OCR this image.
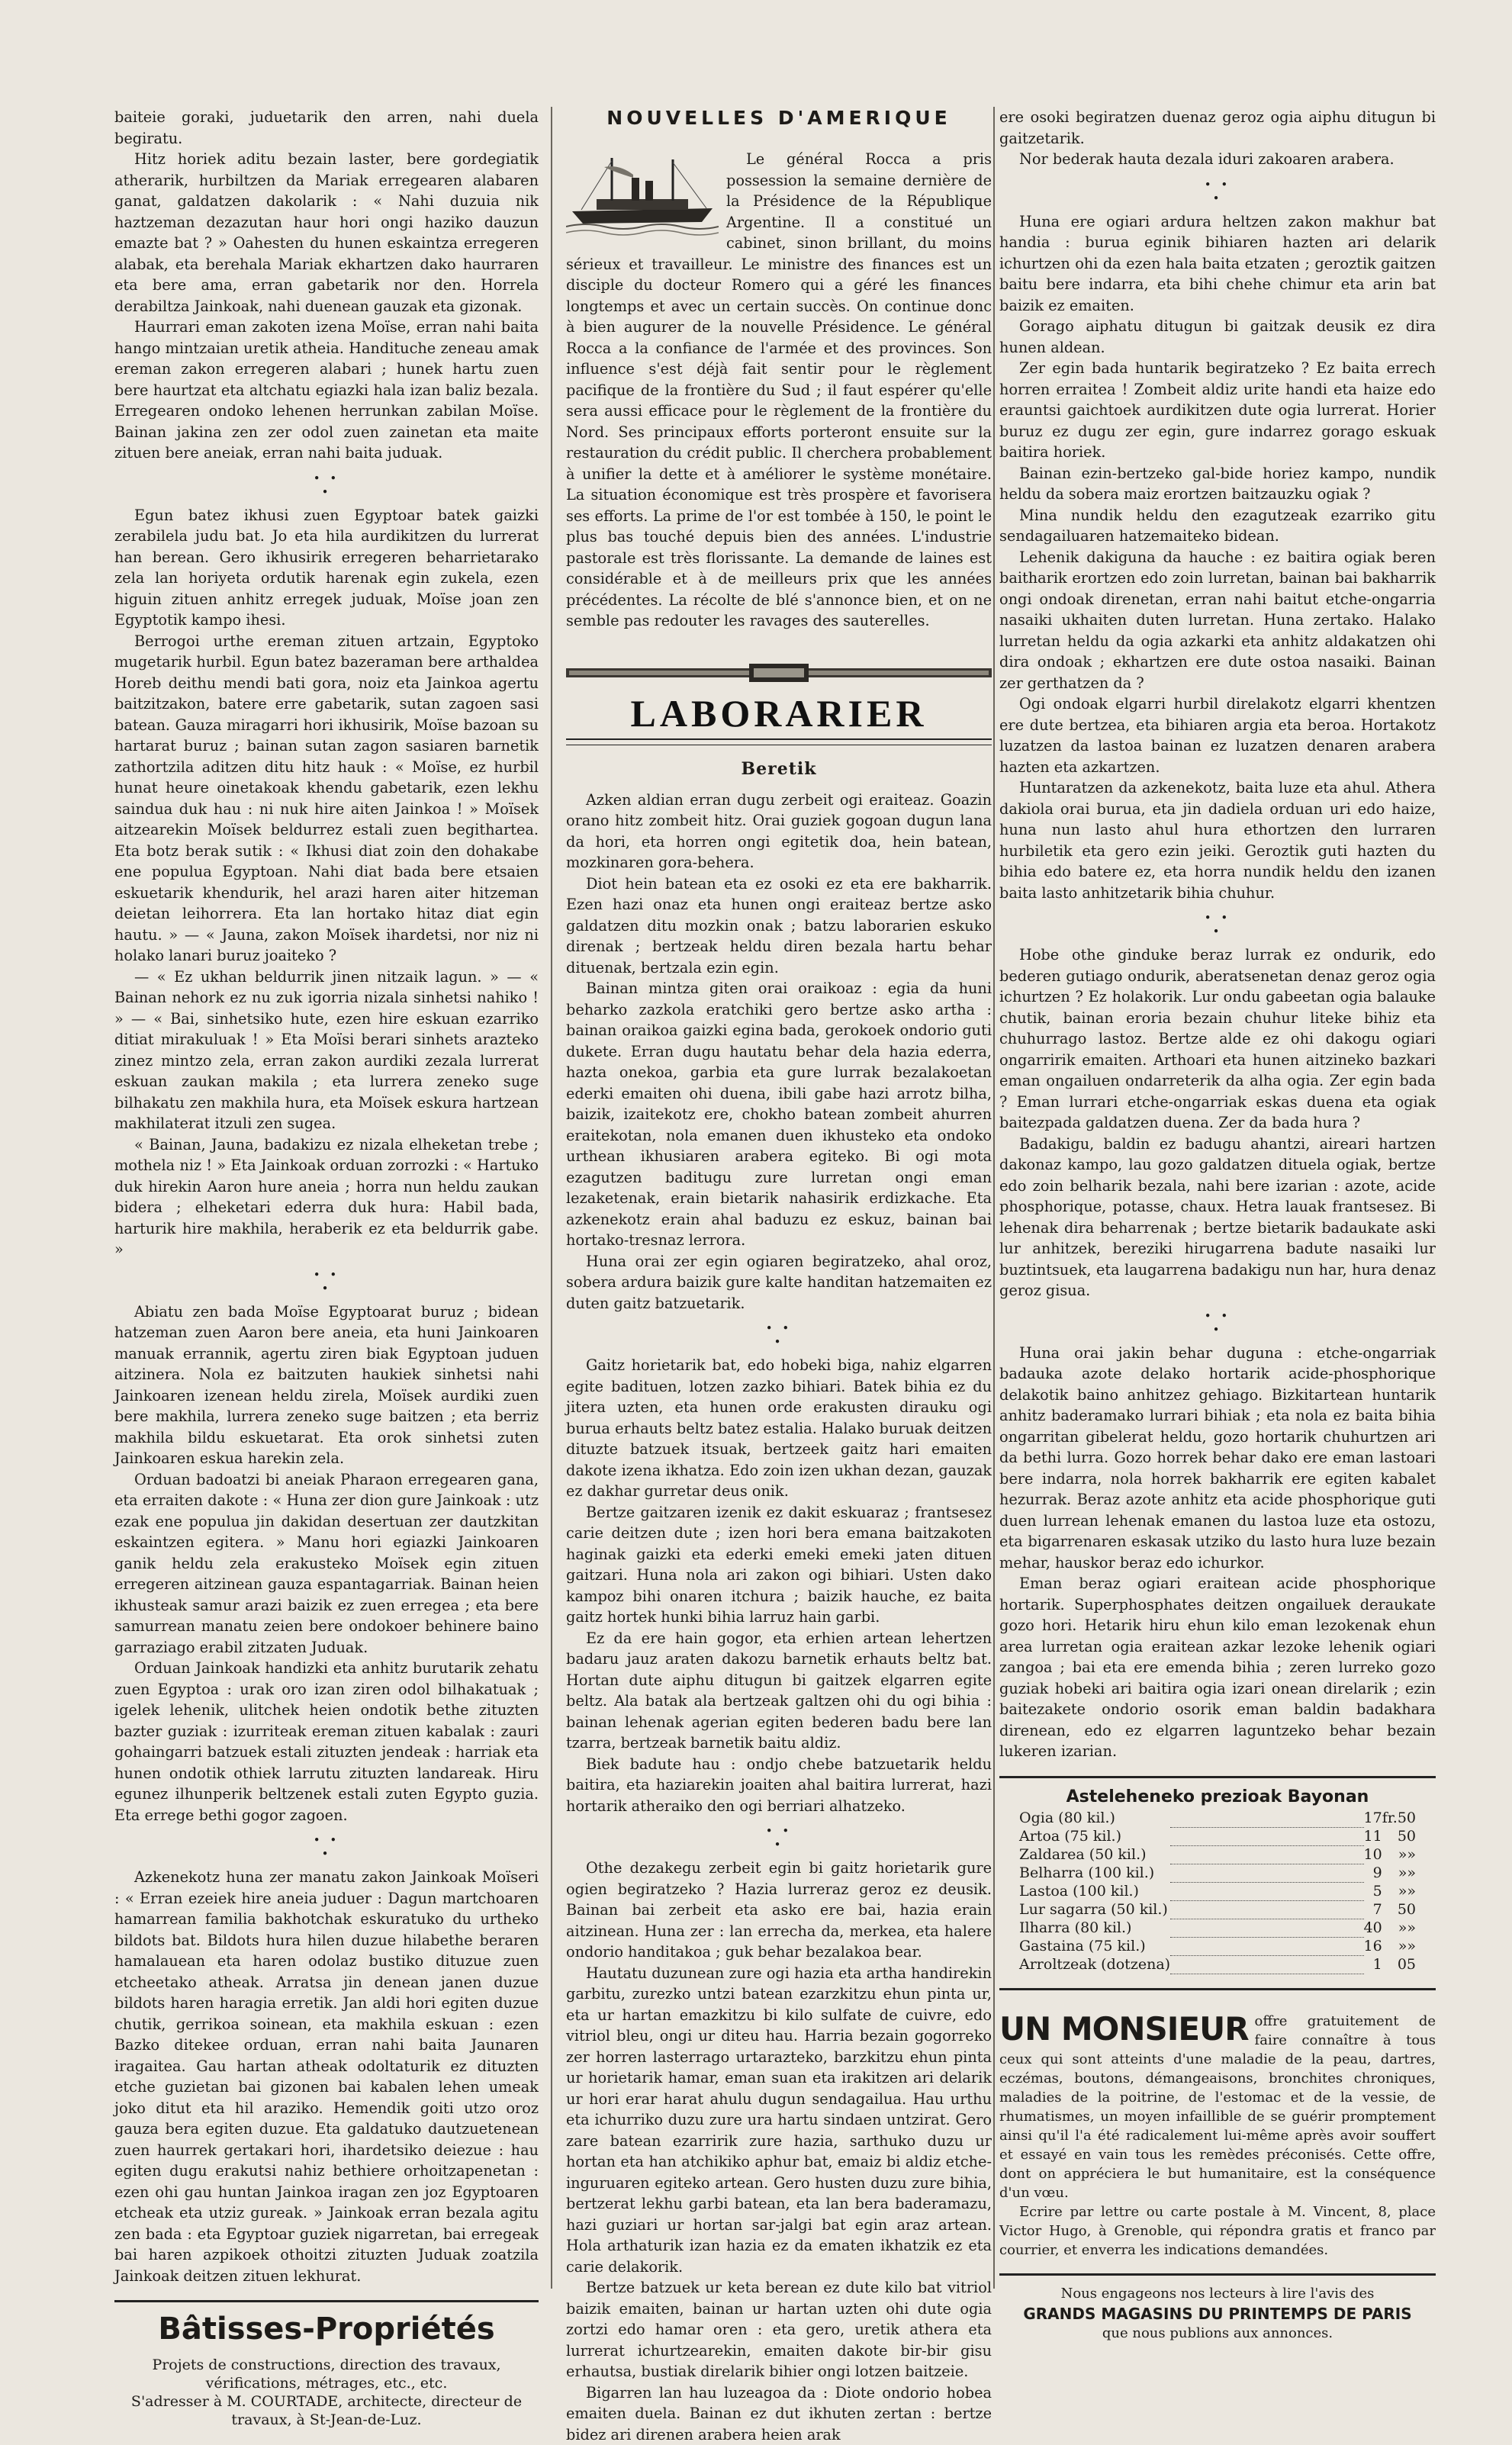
baiteie goraki, juduetarik den arren, nahi duela begiratu.

Hitz horiek aditu bezain laster, bere gordegiatik atherarik, hurbiltzen da Mariak erregearen alabaren ganat, galdatzen dakolarik : « Nahi duzuia nik haztzeman dezazutan haur hori ongi haziko dauzun emazte bat ? » Oahesten du hunen eskaintza erregeren alabak, eta berehala Mariak ekhartzen dako haurraren eta bere ama, erran gabetarik nor den. Horrela derabiltza Jainkoak, nahi duenean gauzak eta gizonak.

Haurrari eman zakoten izena Moïse, erran nahi baita hango mintzaian uretik atheia. Handituche zeneau amak ereman zakon erregeren alabari ; hunek hartu zuen bere haurtzat eta altchatu egiazki hala izan baliz bezala. Erregearen ondoko lehenen herrunkan zabilan Moïse. Bainan jakina zen zer odol zuen zainetan eta maite zituen bere aneiak, erran nahi baita juduak.

• •
•

Egun batez ikhusi zuen Egyptoar batek gaizki zerabilela judu bat. Jo eta hila aurdikitzen du lurrerat han berean. Gero ikhusirik erregeren beharrietarako zela lan horiyeta ordutik harenak egin zukela, ezen higuin zituen anhitz erregek juduak, Moïse joan zen Egyptotik kampo ihesi.

Berrogoi urthe ereman zituen artzain, Egyptoko mugetarik hurbil. Egun batez bazeraman bere arthaldea Horeb deithu mendi bati gora, noiz eta Jainkoa agertu baitzitzakon, batere erre gabetarik, sutan zagoen sasi batean. Gauza miragarri hori ikhusirik, Moïse bazoan su hartarat buruz ; bainan sutan zagon sasiaren barnetik zathortzila aditzen ditu hitz hauk : « Moïse, ez hurbil hunat heure oinetakoak khendu gabetarik, ezen lekhu saindua duk hau : ni nuk hire aiten Jainkoa ! » Moïsek aitzearekin Moïsek beldurrez estali zuen begithartea. Eta botz berak sutik : « Ikhusi diat zoin den dohakabe ene populua Egyptoan. Nahi diat bada bere etsaien eskuetarik khendurik, hel arazi haren aiter hitzeman deietan leihorrera. Eta lan hortako hitaz diat egin hautu. » — « Jauna, zakon Moïsek ihardetsi, nor niz ni holako lanari buruz joaiteko ?

— « Ez ukhan beldurrik jinen nitzaik lagun. » — « Bainan nehork ez nu zuk igorria nizala sinhetsi nahiko ! » — « Bai, sinhetsiko hute, ezen hire eskuan ezarriko ditiat mirakuluak ! » Eta Moïsi berari sinhets arazteko zinez mintzo zela, erran zakon aurdiki zezala lurrerat eskuan zaukan makila ; eta lurrera zeneko suge bilhakatu zen makhila hura, eta Moïsek eskura hartzean makhilaterat itzuli zen sugea.

« Bainan, Jauna, badakizu ez nizala elheketan trebe ; mothela niz ! » Eta Jainkoak orduan zorrozki : « Hartuko duk hirekin Aaron hure aneia ; horra nun heldu zaukan bidera ; elheketari ederra duk hura: Habil bada, harturik hire makhila, heraberik ez eta beldurrik gabe. »

• •
•

Abiatu zen bada Moïse Egyptoarat buruz ; bidean hatzeman zuen Aaron bere aneia, eta huni Jainkoaren manuak errannik, agertu ziren biak Egyptoan juduen aitzinera. Nola ez baitzuten haukiek sinhetsi nahi Jainkoaren izenean heldu zirela, Moïsek aurdiki zuen bere makhila, lurrera zeneko suge baitzen ; eta berriz makhila bildu eskuetarat. Eta orok sinhetsi zuten Jainkoaren eskua harekin zela.

Orduan badoatzi bi aneiak Pharaon erregearen gana, eta erraiten dakote : « Huna zer dion gure Jainkoak : utz ezak ene populua jin dakidan desertuan zer dautzkitan eskaintzen egitera. » Manu hori egiazki Jainkoaren ganik heldu zela erakusteko Moïsek egin zituen erregeren aitzinean gauza espantagarriak. Bainan heien ikhusteak samur arazi baizik ez zuen erregea ; eta bere samurrean manatu zeien bere ondokoer behinere baino garraziago erabil zitzaten Juduak.

Orduan Jainkoak handizki eta anhitz burutarik zehatu zuen Egyptoa : urak oro izan ziren odol bilhakatuak ; igelek lehenik, ulitchek heien ondotik bethe zituzten bazter guziak : izurriteak ereman zituen kabalak : zauri gohaingarri batzuek estali zituzten jendeak : harriak eta hunen ondotik othiek larrutu zituzten landareak. Hiru egunez ilhunperik beltzenek estali zuten Egypto guzia. Eta errege bethi gogor zagoen.

• •
•

Azkenekotz huna zer manatu zakon Jainkoak Moïseri : « Erran ezeiek hire aneia juduer : Dagun martchoaren hamarrean familia bakhotchak eskuratuko du urtheko bildots bat. Bildots hura hilen duzue hilabethe beraren hamalauean eta haren odolaz bustiko dituzue zuen etcheetako atheak. Arratsa jin denean janen duzue bildots haren haragia erretik. Jan aldi hori egiten duzue chutik, gerrikoa soinean, eta makhila eskuan : ezen Bazko ditekee orduan, erran nahi baita Jaunaren iragaitea. Gau hartan atheak odoltaturik ez dituzten etche guzietan bai gizonen bai kabalen lehen umeak joko ditut eta hil araziko. Hemendik goiti utzo oroz gauza bera egiten duzue. Eta galdatuko dautzuetenean zuen haurrek gertakari hori, ihardetsiko deiezue : hau egiten dugu erakutsi nahiz bethiere orhoitzapenetan : ezen ohi gau huntan Jainkoa iragan zen joz Egyptoaren etcheak eta utziz gureak. » Jainkoak erran bezala agitu zen bada : eta Egyptoar guziek nigarretan, bai erregeak bai haren azpikoek othoitzi zituzten Juduak zoatzila Jainkoak deitzen zituen lekhurat.

Bâtisses-Propriétés

Projets de constructions, direction des travaux, vérifications, métrages, etc., etc.

S'adresser à M. COURTADE, architecte, directeur de travaux, à St-Jean-de-Luz.

NOUVELLES D'AMERIQUE

Le général Rocca a pris possession la semaine dernière de la Présidence de la République Argentine. Il a constitué un cabinet, sinon brillant, du moins sérieux et travailleur. Le ministre des finances est un disciple du docteur Romero qui a géré les finances longtemps et avec un certain succès. On continue donc à bien augurer de la nouvelle Présidence. Le général Rocca a la confiance de l'armée et des provinces. Son influence s'est déjà fait sentir pour le règlement pacifique de la frontière du Sud ; il faut espérer qu'elle sera aussi efficace pour le règlement de la frontière du Nord. Ses principaux efforts porteront ensuite sur la restauration du crédit public. Il cherchera probablement à unifier la dette et à améliorer le système monétaire. La situation économique est très prospère et favorisera ses efforts. La prime de l'or est tombée à 150, le point le plus bas touché depuis bien des années. L'industrie pastorale est très florissante. La demande de laines est considérable et à de meilleurs prix que les années précédentes. La récolte de blé s'annonce bien, et on ne semble pas redouter les ravages des sauterelles.

LABORARIER
Beretik

Azken aldian erran dugu zerbeit ogi eraiteaz. Goazin orano hitz zombeit hitz. Orai guziek gogoan dugun lana da hori, eta horren ongi egitetik doa, hein batean, mozkinaren gora-behera.

Diot hein batean eta ez osoki ez eta ere bakharrik. Ezen hazi onaz eta hunen ongi eraiteaz bertze asko galdatzen ditu mozkin onak ; batzu laborarien eskuko direnak ; bertzeak heldu diren bezala hartu behar dituenak, bertzala ezin egin.

Bainan mintza giten orai oraikoaz : egia da huni beharko zazkola eratchiki gero bertze asko artha : bainan oraikoa gaizki egina bada, gerokoek ondorio guti dukete. Erran dugu hautatu behar dela hazia ederra, hazta onekoa, garbia eta gure lurrak bezalakoetan ederki emaiten ohi duena, ibili gabe hazi arrotz bilha, baizik, izaitekotz ere, chokho batean zombeit ahurren eraitekotan, nola emanen duen ikhusteko eta ondoko urthean ikhusiaren arabera egiteko. Bi ogi mota ezagutzen baditugu zure lurretan ongi eman lezaketenak, erain bietarik nahasirik erdizkache. Eta azkenekotz erain ahal baduzu ez eskuz, bainan bai hortako-tresnaz lerrora.

Huna orai zer egin ogiaren begiratzeko, ahal oroz, sobera ardura baizik gure kalte handitan hatzemaiten ez duten gaitz batzuetarik.

• •
•

Gaitz horietarik bat, edo hobeki biga, nahiz elgarren egite badituen, lotzen zazko bihiari. Batek bihia ez du jitera uzten, eta hunen orde erakusten dirauku ogi burua erhauts beltz batez estalia. Halako buruak deitzen dituzte batzuek itsuak, bertzeek gaitz hari emaiten dakote izena ikhatza. Edo zoin izen ukhan dezan, gauzak ez dakhar gurretar deus onik.

Bertze gaitzaren izenik ez dakit eskuaraz ; frantsesez carie deitzen dute ; izen hori bera emana baitzakoten haginak gaizki eta ederki emeki emeki jaten dituen gaitzari. Huna nola ari zakon ogi bihiari. Usten dako kampoz bihi onaren itchura ; baizik hauche, ez baita gaitz hortek hunki bihia larruz hain garbi.

Ez da ere hain gogor, eta erhien artean lehertzen badaru jauz araten dakozu barnetik erhauts beltz bat. Hortan dute aiphu ditugun bi gaitzek elgarren egite beltz. Ala batak ala bertzeak galtzen ohi du ogi bihia : bainan lehenak agerian egiten bederen badu bere lan tzarra, bertzeak barnetik baitu aldiz.

Biek badute hau : ondjo chebe batzuetarik heldu baitira, eta haziarekin joaiten ahal baitira lurrerat, hazi hortarik atheraiko den ogi berriari alhatzeko.

• •
•

Othe dezakegu zerbeit egin bi gaitz horietarik gure ogien begiratzeko ? Hazia lurreraz geroz ez deusik. Bainan bai zerbeit eta asko ere bai, hazia erain aitzinean. Huna zer : lan errecha da, merkea, eta halere ondorio handitakoa ; guk behar bezalakoa bear.

Hautatu duzunean zure ogi hazia eta artha handirekin garbitu, zurezko untzi batean ezarzkitzu ehun pinta ur, eta ur hartan emazkitzu bi kilo sulfate de cuivre, edo vitriol bleu, ongi ur diteu hau. Harria bezain gogorreko zer horren lasterrago urtarazteko, barzkitzu ehun pinta ur horietarik hamar, eman suan eta irakitzen ari delarik ur hori erar harat ahulu dugun sendagailua. Hau urthu eta ichurriko duzu zure ura hartu sindaen untzirat. Gero zare batean ezarririk zure hazia, sarthuko duzu ur hortan eta han atchikiko aphur bat, emaiz bi aldiz etche-inguruaren egiteko artean. Gero husten duzu zure bihia, bertzerat lekhu garbi batean, eta lan bera baderamazu, hazi guziari ur hortan sar-jalgi bat egin araz artean. Hola arthaturik izan hazia ez da ematen ikhatzik ez eta carie delakorik.

Bertze batzuek ur keta berean ez dute kilo bat vitriol baizik emaiten, bainan ur hartan uzten ohi dute ogia zortzi edo hamar oren : eta gero, uretik athera eta lurrerat ichurtzearekin, emaiten dakote bir-bir gisu erhautsa, bustiak direlarik bihier ongi lotzen baitzeie.

Bigarren lan hau luzeagoa da : Diote ondorio hobea emaiten duela. Bainan ez dut ikhuten zertan : bertze bidez ari direnen arabera heien arak

ere osoki begiratzen duenaz geroz ogia aiphu ditugun bi gaitzetarik.

Nor bederak hauta dezala iduri zakoaren arabera.

• •
•

Huna ere ogiari ardura heltzen zakon makhur bat handia : burua eginik bihiaren hazten ari delarik ichurtzen ohi da ezen hala baita etzaten ; geroztik gaitzen baitu bere indarra, eta bihi chehe chimur eta arin bat baizik ez emaiten.

Gorago aiphatu ditugun bi gaitzak deusik ez dira hunen aldean.

Zer egin bada huntarik begiratzeko ? Ez baita errech horren erraitea ! Zombeit aldiz urite handi eta haize edo erauntsi gaichtoek aurdikitzen dute ogia lurrerat. Horier buruz ez dugu zer egin, gure indarrez gorago eskuak baitira horiek.

Bainan ezin-bertzeko gal-bide horiez kampo, nundik heldu da sobera maiz erortzen baitzauzku ogiak ?

Mina nundik heldu den ezagutzeak ezarriko gitu sendagailuaren hatzemaiteko bidean.

Lehenik dakiguna da hauche : ez baitira ogiak beren baitharik erortzen edo zoin lurretan, bainan bai bakharrik ongi ondoak direnetan, erran nahi baitut etche-ongarria nasaiki ukhaiten duten lurretan. Huna zertako. Halako lurretan heldu da ogia azkarki eta anhitz aldakatzen ohi dira ondoak ; ekhartzen ere dute ostoa nasaiki. Bainan zer gerthatzen da ?

Ogi ondoak elgarri hurbil direlakotz elgarri khentzen ere dute bertzea, eta bihiaren argia eta beroa. Hortakotz luzatzen da lastoa bainan ez luzatzen denaren arabera hazten eta azkartzen.

Huntaratzen da azkenekotz, baita luze eta ahul. Athera dakiola orai burua, eta jin dadiela orduan uri edo haize, huna nun lasto ahul hura ethortzen den lurraren hurbiletik eta gero ezin jeiki. Geroztik guti hazten du bihia edo batere ez, eta horra nundik heldu den izanen baita lasto anhitzetarik bihia chuhur.

• •
•

Hobe othe ginduke beraz lurrak ez ondurik, edo bederen gutiago ondurik, aberatsenetan denaz geroz ogia ichurtzen ? Ez holakorik. Lur ondu gabeetan ogia balauke chutik, bainan eroria bezain chuhur liteke bihiz eta chuhurrago lastoz. Bertze alde ez ohi dakogu ogiari ongarririk emaiten. Arthoari eta hunen aitzineko bazkari eman ongailuen ondarreterik da alha ogia. Zer egin bada ? Eman lurrari etche-ongarriak eskas duena eta ogiak baitezpada galdatzen duena. Zer da bada hura ?

Badakigu, baldin ez badugu ahantzi, aireari hartzen dakonaz kampo, lau gozo galdatzen dituela ogiak, bertze edo zoin belharik bezala, nahi bere izarian : azote, acide phosphorique, potasse, chaux. Hetra lauak frantsesez. Bi lehenak dira beharrenak ; bertze bietarik badaukate aski lur anhitzek, bereziki hirugarrena badute nasaiki lur buztintsuek, eta laugarrena badakigu nun har, hura denaz geroz gisua.

• •
•

Huna orai jakin behar duguna : etche-ongarriak badauka azote delako hortarik acide-phosphorique delakotik baino anhitzez gehiago. Bizkitartean huntarik anhitz baderamako lurrari bihiak ; eta nola ez baita bihia ongarritan gibelerat heldu, gozo hortarik chuhurtzen ari da bethi lurra. Gozo horrek behar dako ere eman lastoari bere indarra, nola horrek bakharrik ere egiten kabalet hezurrak. Beraz azote anhitz eta acide phosphorique guti duen lurrean lehenak emanen du lastoa luze eta ostozu, eta bigarrenaren eskasak utziko du lasto hura luze bezain mehar, hauskor beraz edo ichurkor.

Eman beraz ogiari eraitean acide phosphorique hortarik. Superphosphates deitzen ongailuek deraukate gozo hori. Hetarik hiru ehun kilo eman lezokenak ehun area lurretan ogia eraitean azkar lezoke lehenik ogiari zangoa ; bai eta ere emenda bihia ; zeren lurreko gozo guziak hobeki ari baitira ogia izari onean direlarik ; ezin baitezakete ondorio osorik eman baldin badakhara direnean, edo ez elgarren laguntzeko behar bezain lukeren izarian.

Asteleheneko prezioak Bayonan
Ogia (80 kil.)		17	fr.	50
Artoa (75 kil.)		11		50
Zaldarea (50 kil.)		10		»»
Belharra (100 kil.)		9		»»
Lastoa (100 kil.)		5		»»
Lur sagarra (50 kil.)		7		50
Ilharra (80 kil.)		40		»»
Gastaina (75 kil.)		16		»»
Arroltzeak (dotzena)		1		05
UN MONSIEUR offre gratuitement de faire connaître à tous ceux qui sont atteints d'une maladie de la peau, dartres, eczémas, boutons, démangeaisons, bronchites chroniques, maladies de la poitrine, de l'estomac et de la vessie, de rhumatismes, un moyen infaillible de se guérir promptement ainsi qu'il l'a été radicalement lui-même après avoir souffert et essayé en vain tous les remèdes préconisés. Cette offre, dont on appréciera le but humanitaire, est la conséquence d'un vœu.

Ecrire par lettre ou carte postale à M. Vincent, 8, place Victor Hugo, à Grenoble, qui répondra gratis et franco par courrier, et enverra les indications demandées.

Nous engageons nos lecteurs à lire l'avis des

GRANDS MAGASINS DU PRINTEMPS DE PARIS

que nous publions aux annonces.
